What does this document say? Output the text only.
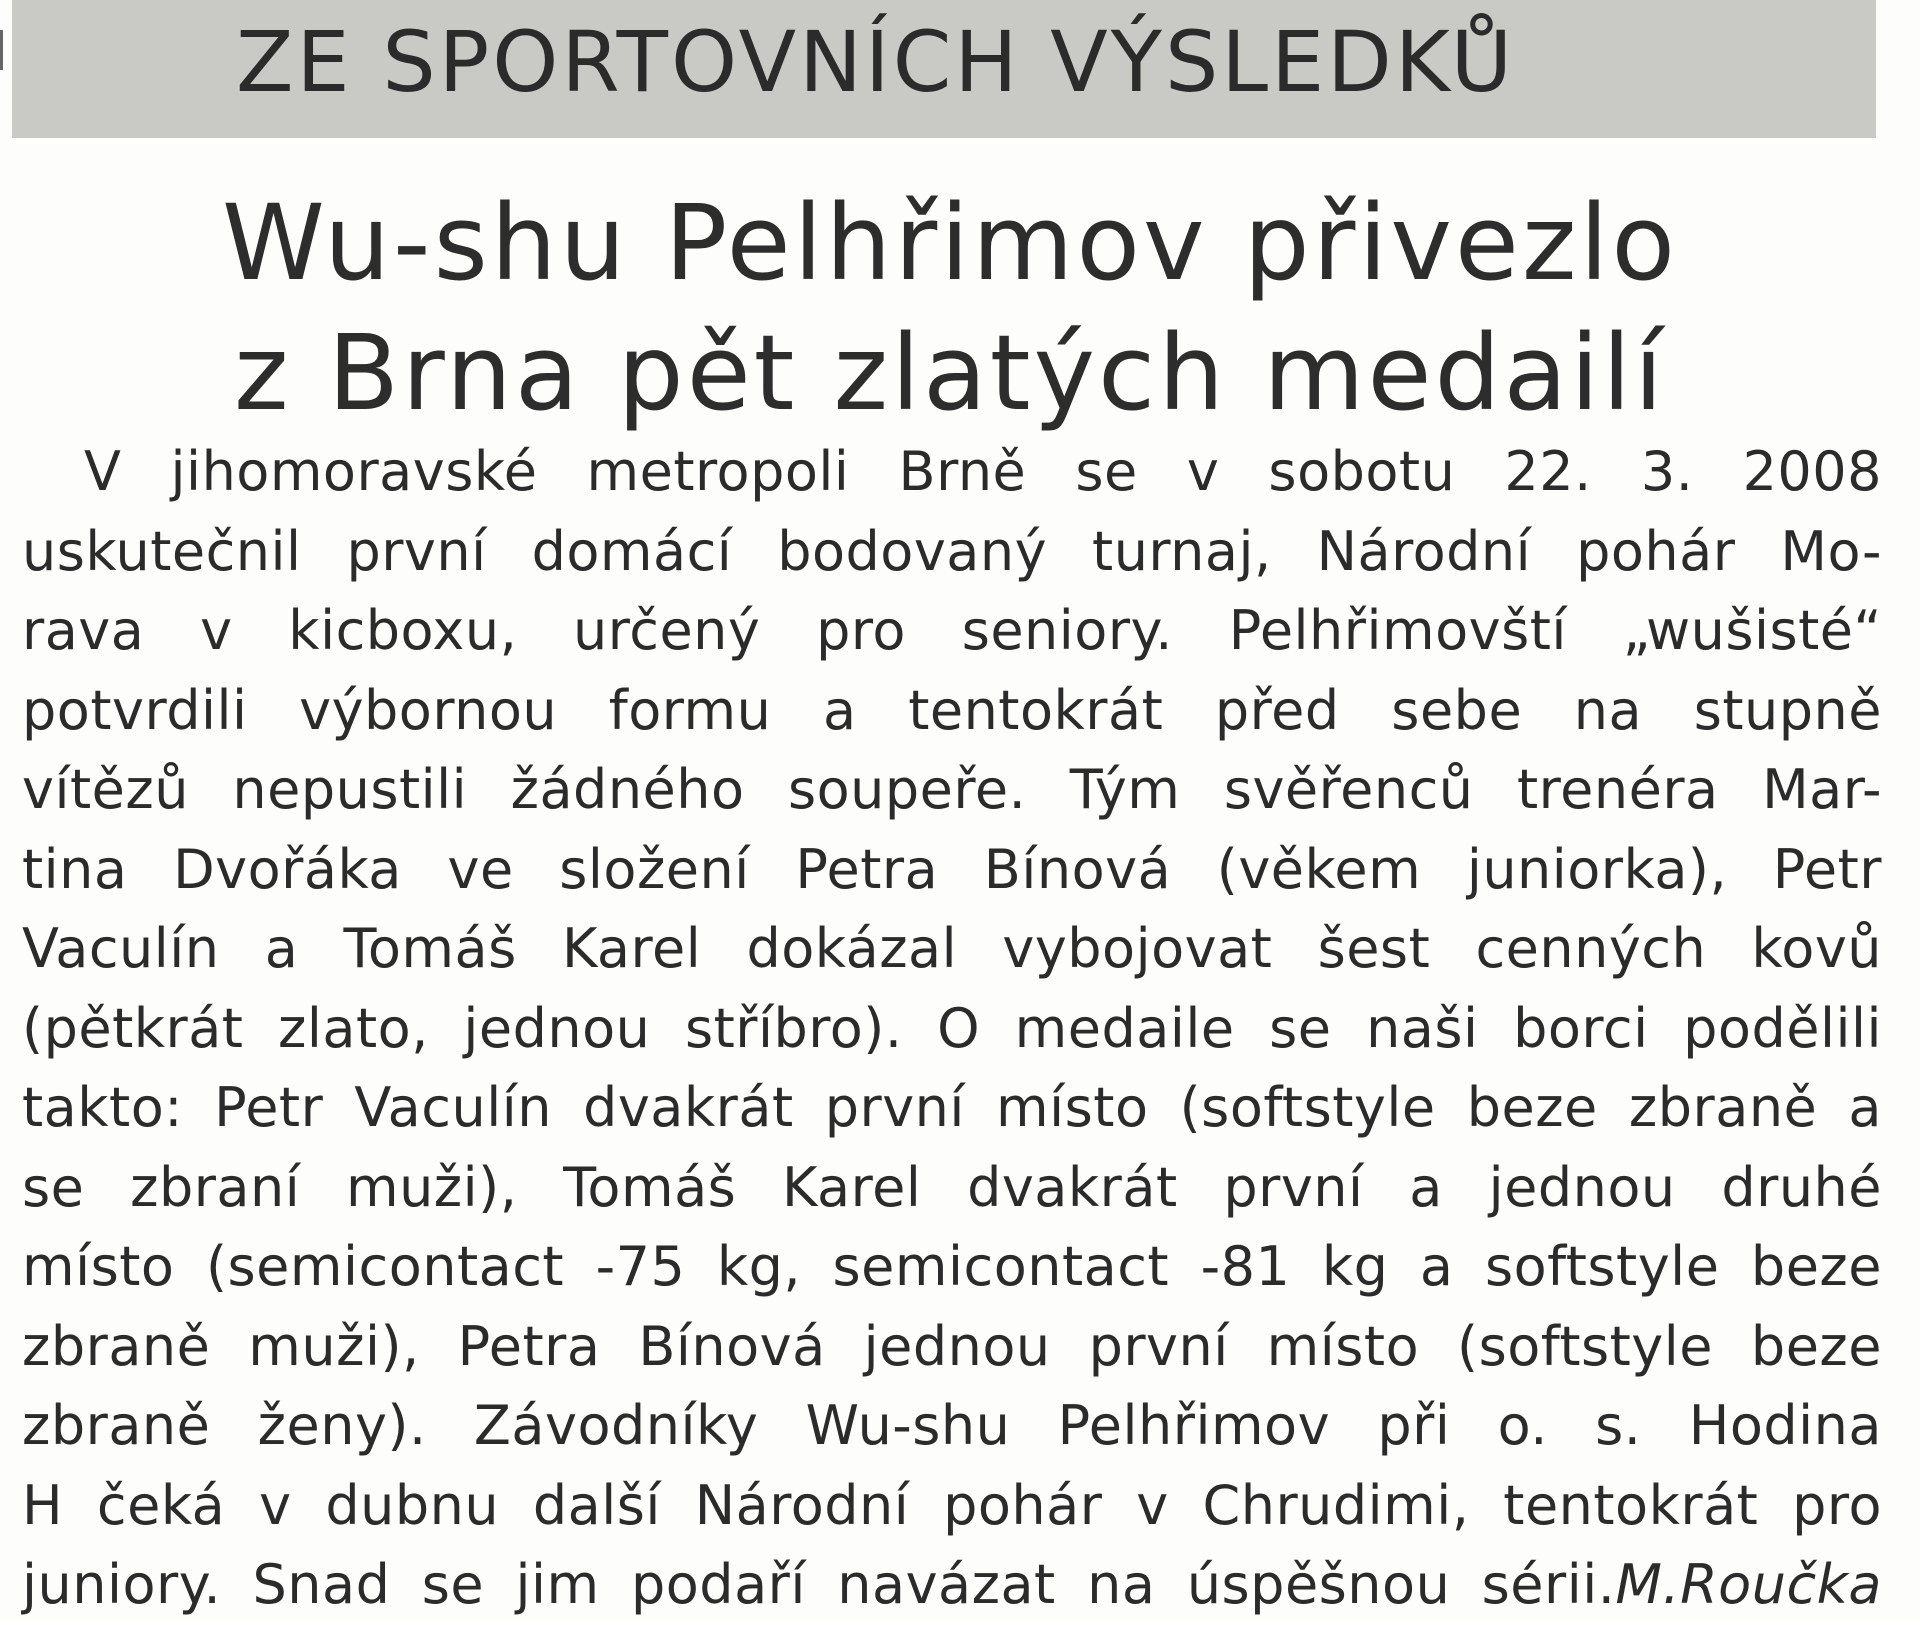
ZE SPORTOVNÍCH VÝSLEDKŮ
Wu-shu Pelhřimov přivezlo
z Brna pět zlatých medailí
V jihomoravské metropoli Brně se v sobotu 22. 3. 2008
uskutečnil první domácí bodovaný turnaj, Národní pohár Mo-
rava v kicboxu, určený pro seniory. Pelhřimovští „wušisté“
potvrdili výbornou formu a tentokrát před sebe na stupně
vítězů nepustili žádného soupeře. Tým svěřenců trenéra Mar-
tina Dvořáka ve složení Petra Bínová (věkem juniorka), Petr
Vaculín a Tomáš Karel dokázal vybojovat šest cenných kovů
(pětkrát zlato, jednou stříbro). O medaile se naši borci podělili
takto: Petr Vaculín dvakrát první místo (softstyle beze zbraně a
se zbraní muži), Tomáš Karel dvakrát první a jednou druhé
místo (semicontact -75 kg, semicontact -81 kg a softstyle beze
zbraně muži), Petra Bínová jednou první místo (softstyle beze
zbraně ženy). Závodníky Wu-shu Pelhřimov při o. s. Hodina
H čeká v dubnu další Národní pohár v Chrudimi, tentokrát pro
juniory. Snad se jim podaří navázat na úspěšnou sérii.M.Roučka
